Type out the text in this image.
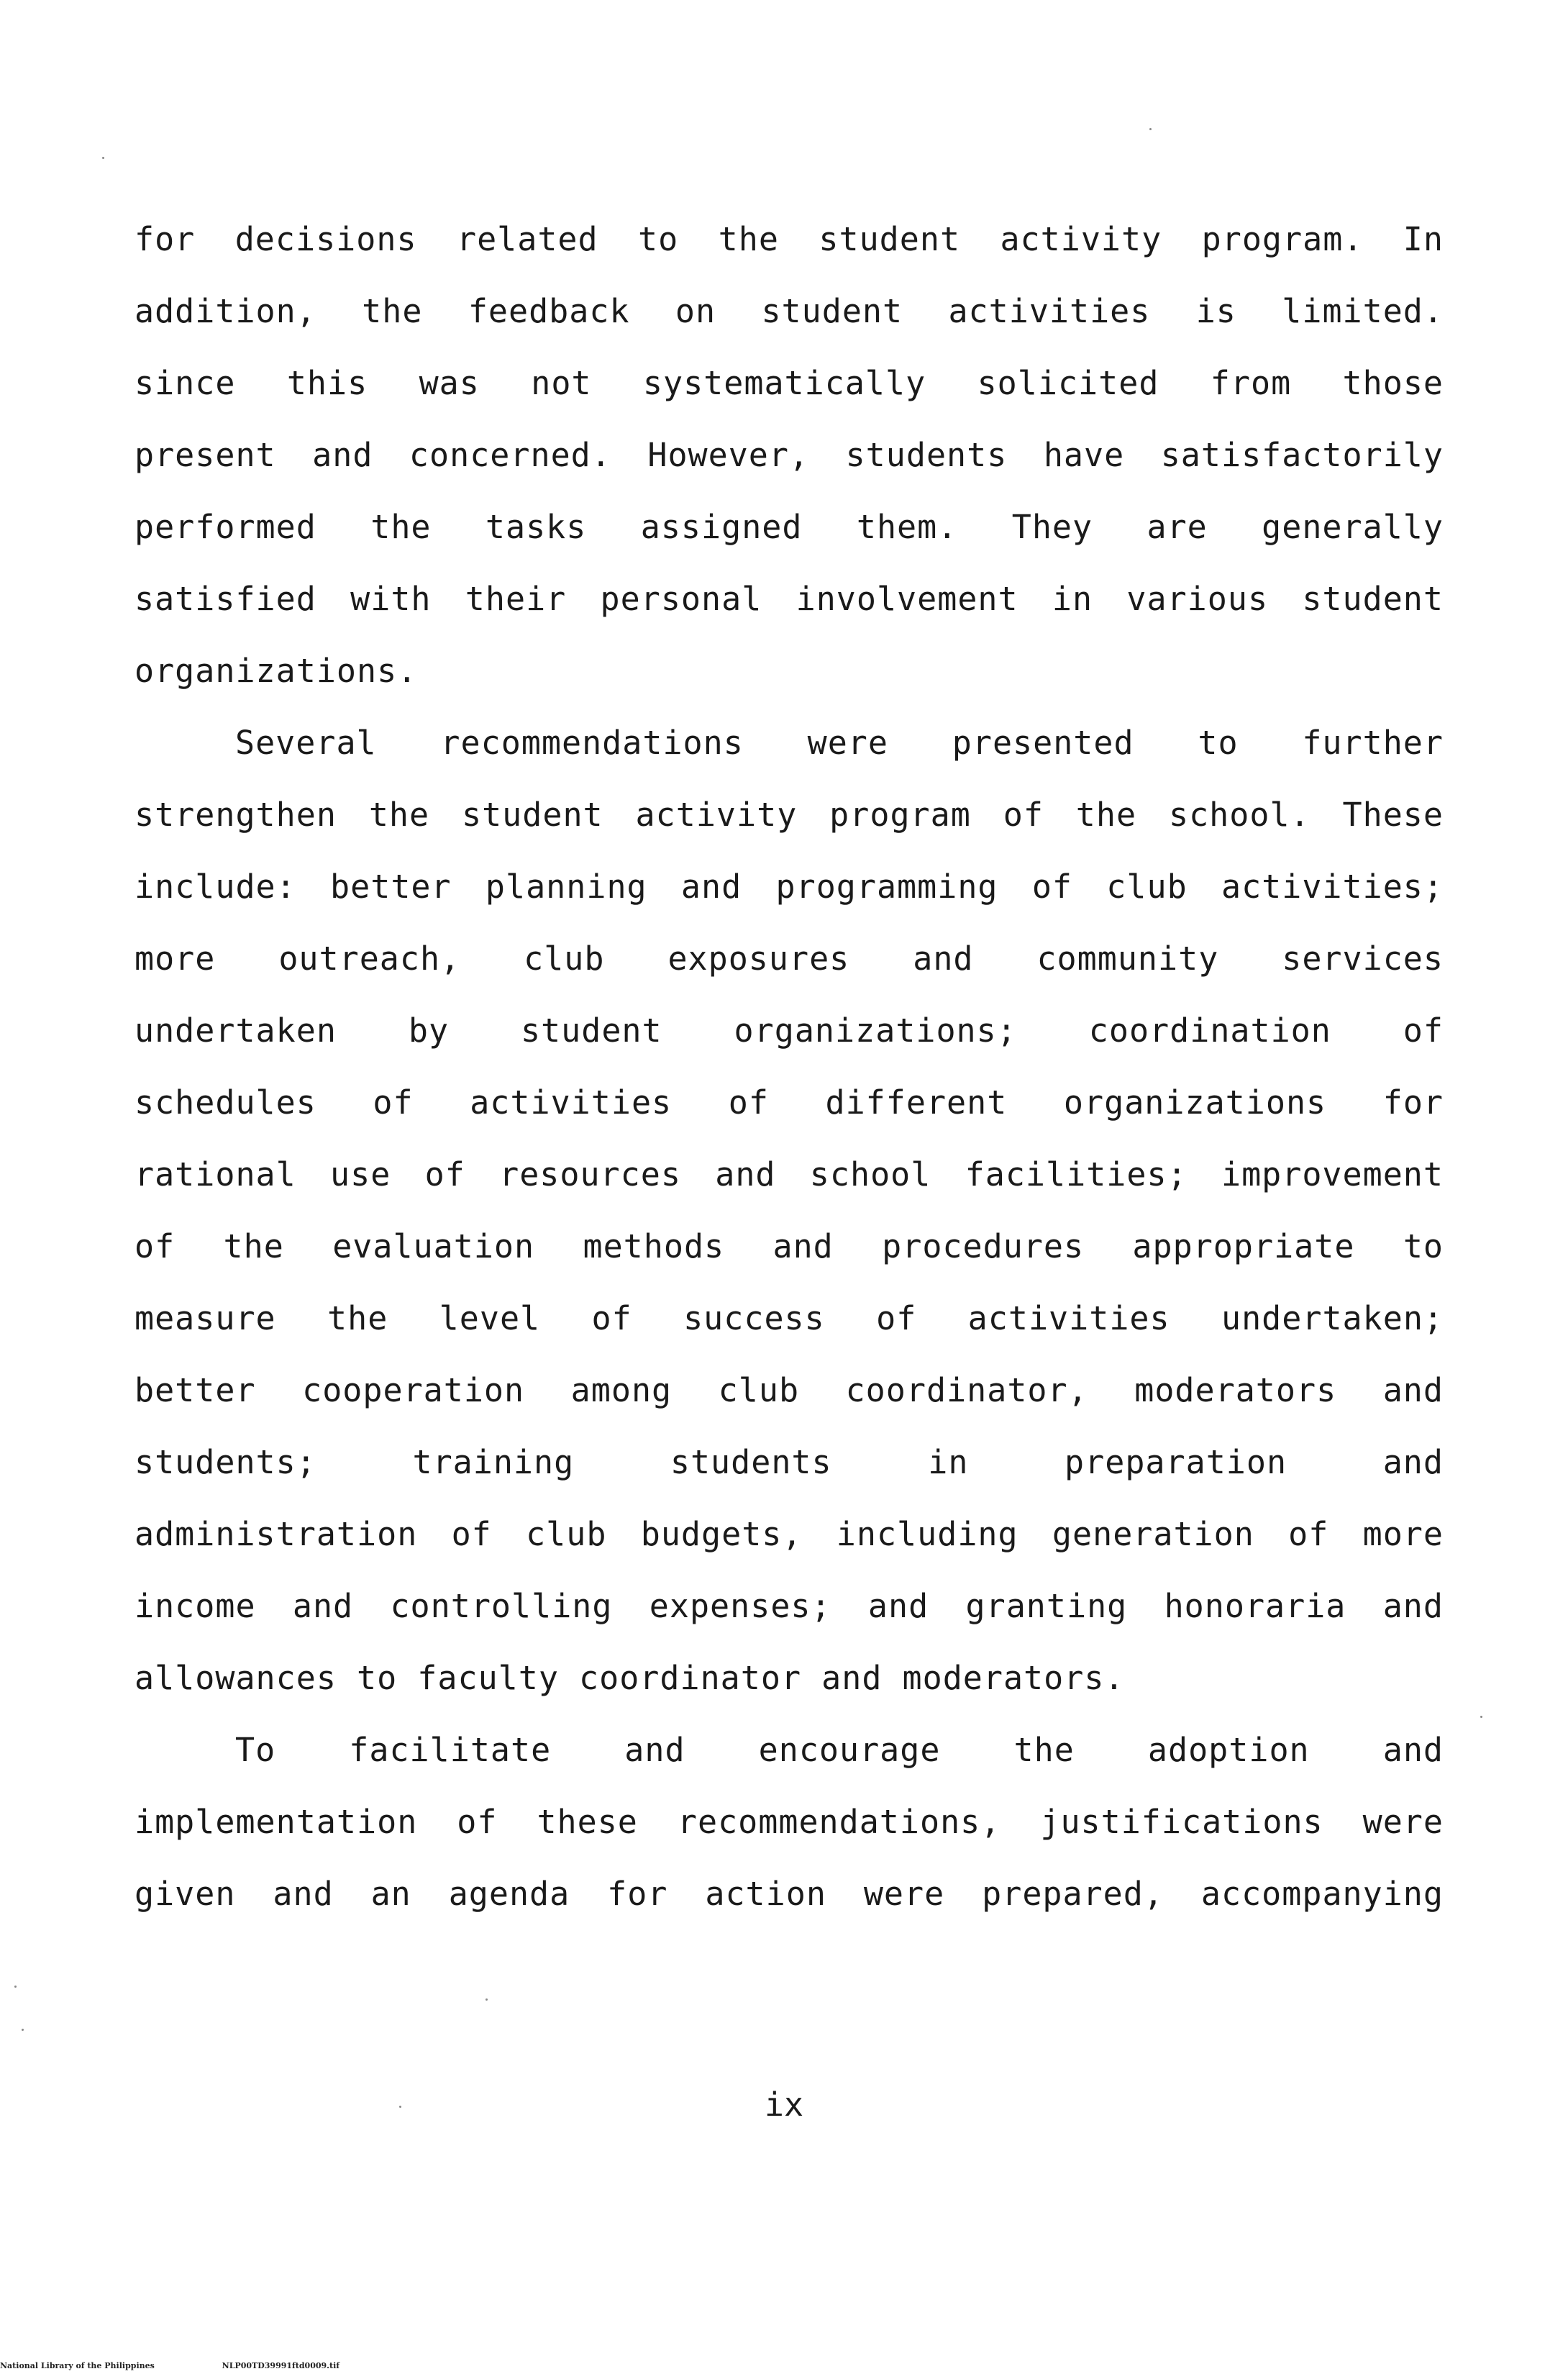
for decisions related to the student activity program. In
addition, the feedback on student activities is limited.
since this was not systematically solicited from those
present and concerned. However, students have satisfactorily
performed the tasks assigned them. They are generally
satisfied with their personal involvement in various student
organizations.
Several recommendations were presented to further
strengthen the student activity program of the school. These
include: better planning and programming of club activities;
more outreach, club exposures and community services
undertaken by student organizations; coordination of
schedules of activities of different organizations for
rational use of resources and school facilities; improvement
of the evaluation methods and procedures appropriate to
measure the level of success of activities undertaken;
better cooperation among club coordinator, moderators and
students; training students in preparation and
administration of club budgets, including generation of more
income and controlling expenses; and granting honoraria and
allowances to faculty coordinator and moderators.
To facilitate and encourage the adoption and
implementation of these recommendations, justifications were
given and an agenda for action were prepared, accompanying
ix
National Library of the Philippines	NLP00TD39991ftd0009.tif
